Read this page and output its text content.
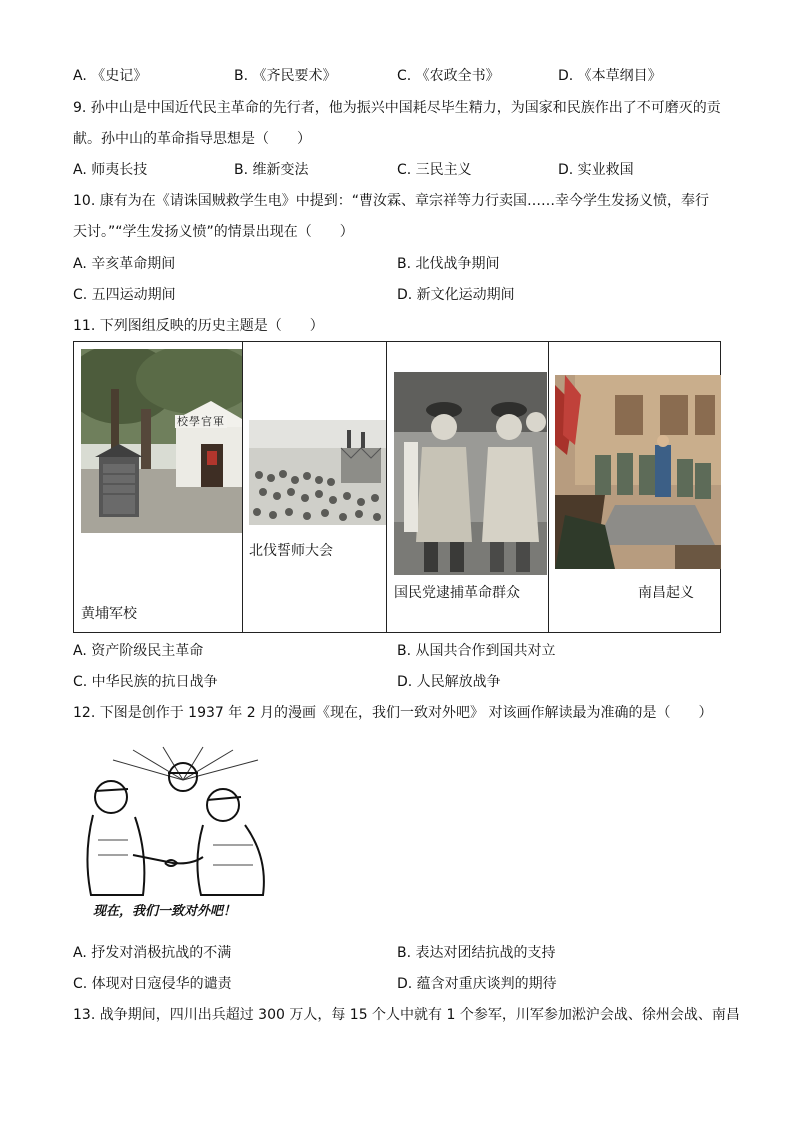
A. 《史记》	B. 《齐民要术》	C. 《农政全书》	D. 《本草纲目》
9. 孙中山是中国近代民主革命的先行者，他为振兴中国耗尽毕生精力，为国家和民族作出了不可磨灭的贡
献。孙中山的革命指导思想是（　　）
A. 师夷长技	B. 维新变法	C. 三民主义	D. 实业救国
10. 康有为在《请诛国贼救学生电》中提到：“曹汝霖、章宗祥等力行卖国……幸今学生发扬义愤，奉行
天讨。”“学生发扬义愤”的情景出现在（　　）
A. 辛亥革命期间	B. 北伐战争期间
C. 五四运动期间	D. 新文化运动期间
11. 下列图组反映的历史主题是（　　）
校學官軍
黄埔军校
北伐誓师大会
国民党逮捕革命群众	南昌起义
A. 资产阶级民主革命	B. 从国共合作到国共对立
C. 中华民族的抗日战争	D. 人民解放战争
12. 下图是创作于 1937 年 2 月的漫画《现在，我们一致对外吧》 对该画作解读最为准确的是（　　）
现在，我们一致对外吧！
A. 抒发对消极抗战的不满	B. 表达对团结抗战的支持
C. 体现对日寇侵华的谴责	D. 蕴含对重庆谈判的期待
13. 战争期间，四川出兵超过 300 万人，每 15 个人中就有 1 个参军，川军参加淞沪会战、徐州会战、南昌
